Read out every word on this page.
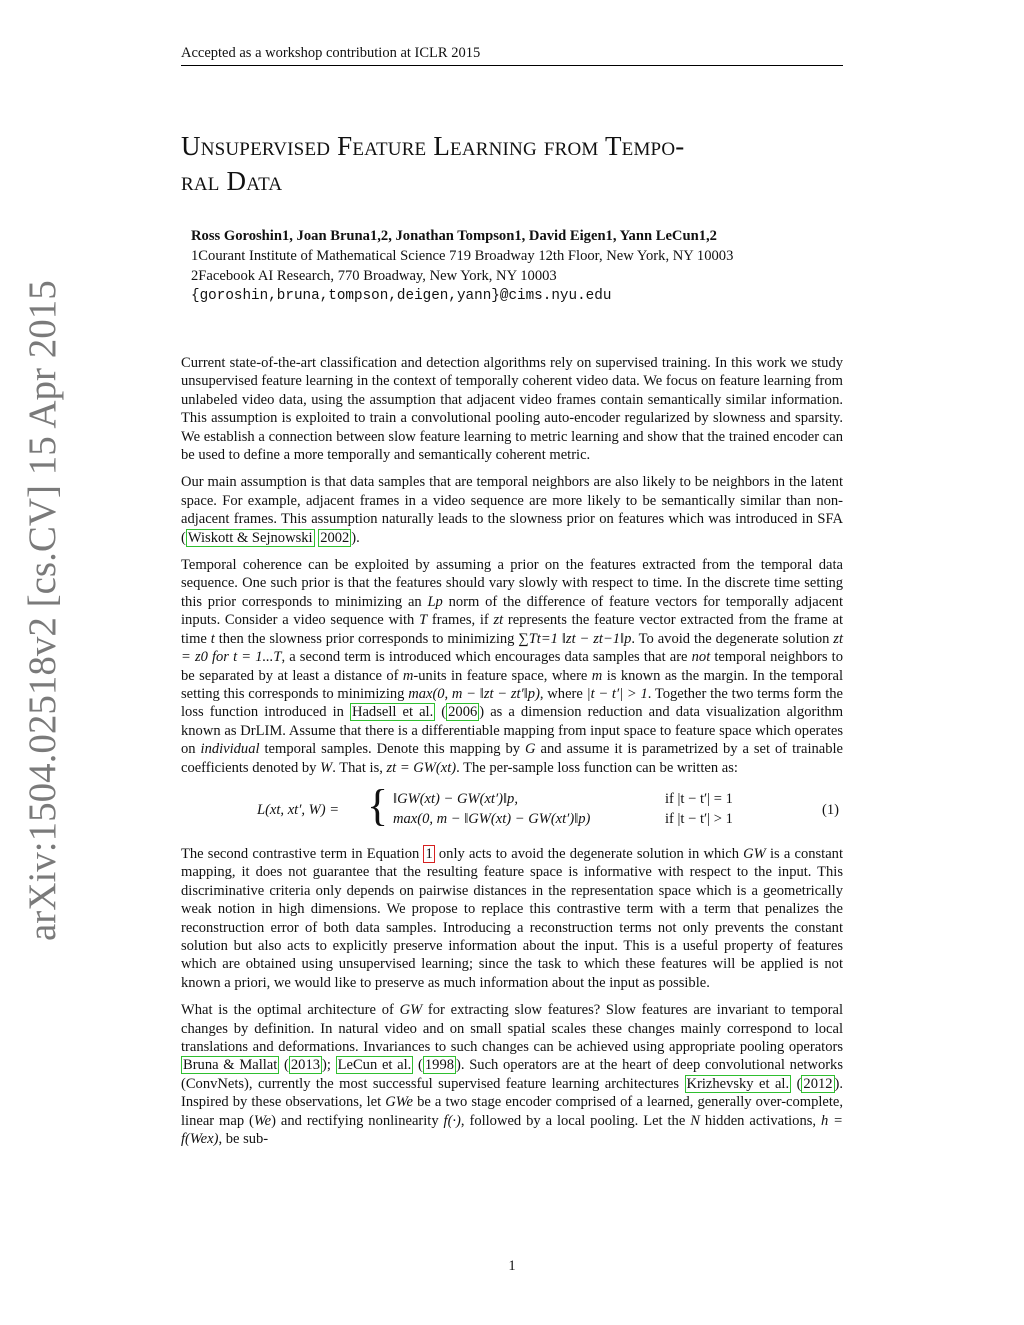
Accepted as a workshop contribution at ICLR 2015
arXiv:1504.02518v2 [cs.CV] 15 Apr 2015
Unsupervised Feature Learning from Tempo-
ral Data
Ross Goroshin1, Joan Bruna1,2, Jonathan Tompson1, David Eigen1, Yann LeCun1,2
1Courant Institute of Mathematical Science 719 Broadway 12th Floor, New York, NY 10003
2Facebook AI Research, 770 Broadway, New York, NY 10003
{goroshin,bruna,tompson,deigen,yann}@cims.nyu.edu

Current state-of-the-art classification and detection algorithms rely on supervised training. In this work we study unsupervised feature learning in the context of temporally coherent video data. We focus on feature learning from unlabeled video data, using the assumption that adjacent video frames contain semantically similar information. This assumption is exploited to train a convolutional pooling auto-encoder regularized by slowness and sparsity. We establish a connection between slow feature learning to metric learning and show that the trained encoder can be used to define a more temporally and semantically coherent metric.

Our main assumption is that data samples that are temporal neighbors are also likely to be neighbors in the latent space. For example, adjacent frames in a video sequence are more likely to be semantically similar than non-adjacent frames. This assumption naturally leads to the slowness prior on features which was introduced in SFA ( Wiskott & Sejnowski 2002 ).

Temporal coherence can be exploited by assuming a prior on the features extracted from the temporal data sequence. One such prior is that the features should vary slowly with respect to time. In the discrete time setting this prior corresponds to minimizing an Lp norm of the difference of feature vectors for temporally adjacent inputs. Consider a video sequence with T frames, if zt represents the feature vector extracted from the frame at time t then the slowness prior corresponds to minimizing ∑Tt=1 ‖zt − zt−1‖p. To avoid the degenerate solution zt = z0 for t = 1...T, a second term is introduced which encourages data samples that are not temporal neighbors to be separated by at least a distance of m-units in feature space, where m is known as the margin. In the temporal setting this corresponds to minimizing max(0, m − ‖zt − zt′‖p), where |t − t′| > 1. Together the two terms form the loss function introduced in Hadsell et al. ( 2006 ) as a dimension reduction and data visualization algorithm known as DrLIM. Assume that there is a differentiable mapping from input space to feature space which operates on individual temporal samples. Denote this mapping by G and assume it is parametrized by a set of trainable coefficients denoted by W. That is, zt = GW(xt). The per-sample loss function can be written as:

L(xt, xt′, W) = { ‖GW(xt) − GW(xt′)‖p,
max(0, m − ‖GW(xt) − GW(xt′)‖p)
if |t − t′| = 1
if |t − t′| > 1
(1)

The second contrastive term in Equation 1 only acts to avoid the degenerate solution in which GW is a constant mapping, it does not guarantee that the resulting feature space is informative with respect to the input. This discriminative criteria only depends on pairwise distances in the representation space which is a geometrically weak notion in high dimensions. We propose to replace this contrastive term with a term that penalizes the reconstruction error of both data samples. Introducing a reconstruction terms not only prevents the constant solution but also acts to explicitly preserve information about the input. This is a useful property of features which are obtained using unsupervised learning; since the task to which these features will be applied is not known a priori, we would like to preserve as much information about the input as possible.

What is the optimal architecture of GW for extracting slow features? Slow features are invariant to temporal changes by definition. In natural video and on small spatial scales these changes mainly correspond to local translations and deformations. Invariances to such changes can be achieved using appropriate pooling operators Bruna & Mallat ( 2013 ); LeCun et al. ( 1998 ). Such operators are at the heart of deep convolutional networks (ConvNets), currently the most successful supervised feature learning architectures Krizhevsky et al. ( 2012 ). Inspired by these observations, let GWe be a two stage encoder comprised of a learned, generally over-complete, linear map (We) and rectifying nonlinearity f(·), followed by a local pooling. Let the N hidden activations, h = f(Wex), be sub-

1
